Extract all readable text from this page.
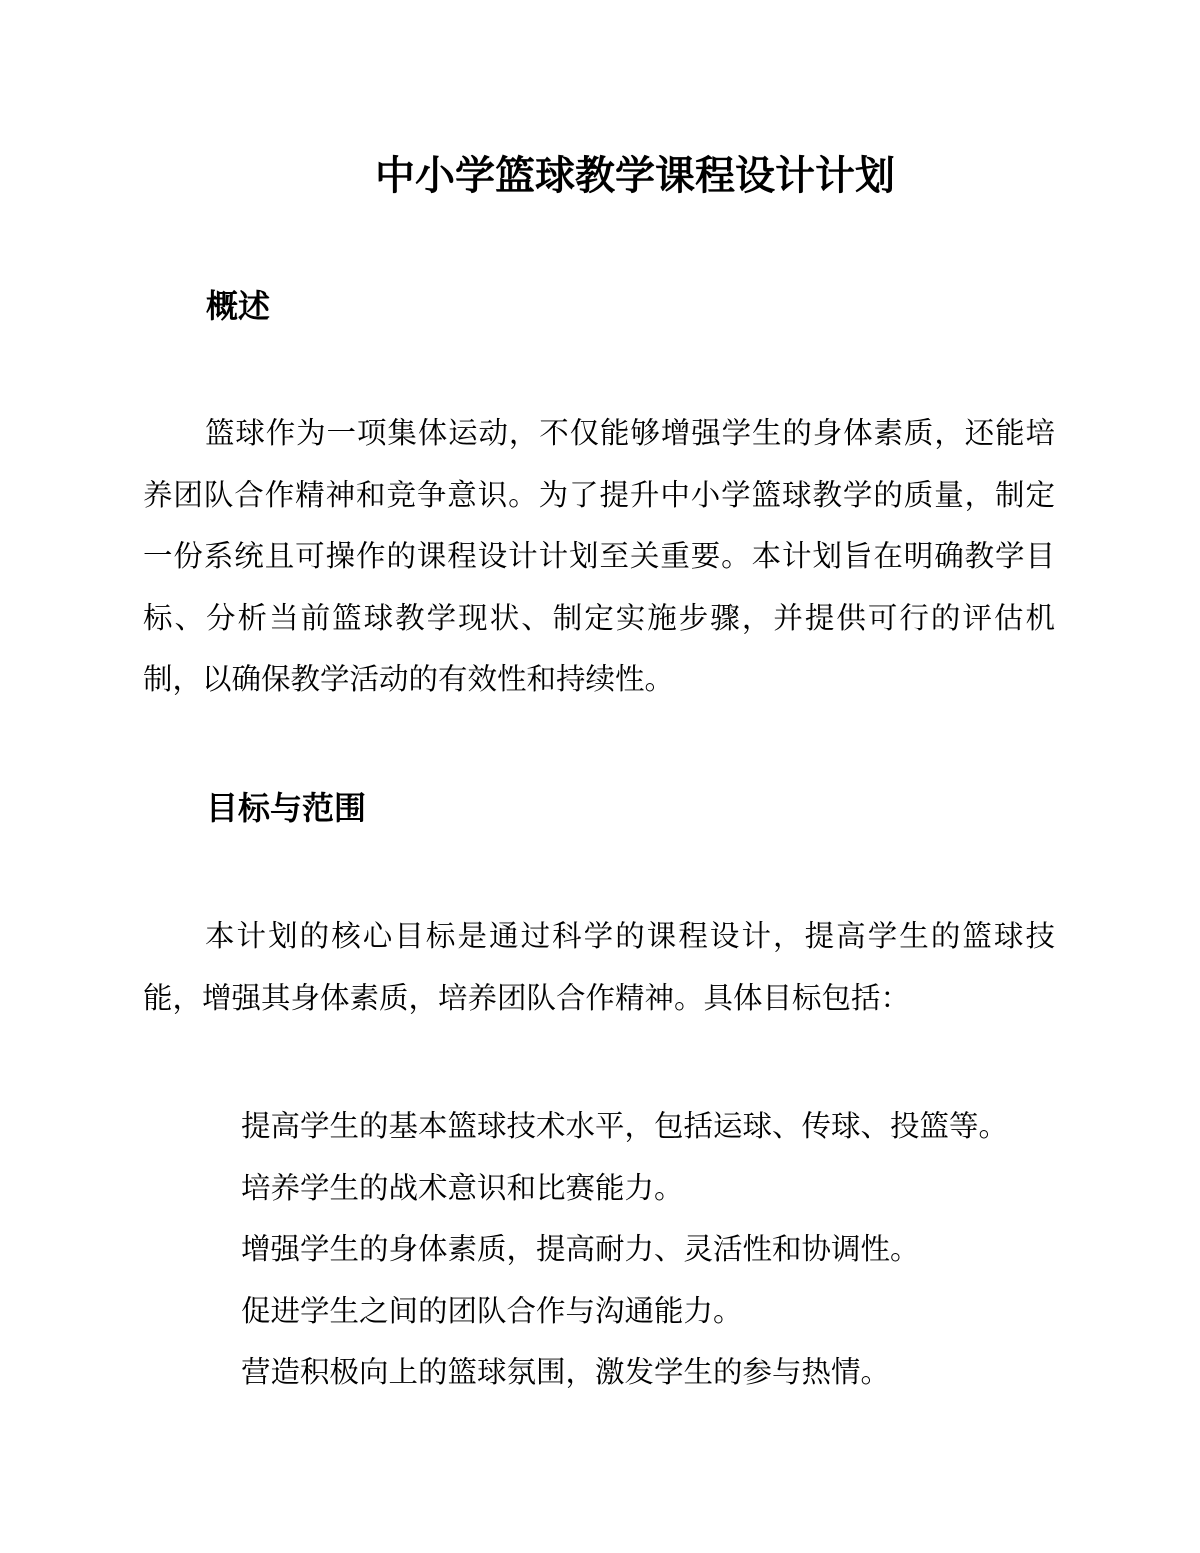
中小学篮球教学课程设计计划
概述

篮球作为一项集体运动，不仅能够增强学生的身体素质，还能培养团队合作精神和竞争意识。为了提升中小学篮球教学的质量，制定一份系统且可操作的课程设计计划至关重要。本计划旨在明确教学目标、分析当前篮球教学现状、制定实施步骤，并提供可行的评估机制，以确保教学活动的有效性和持续性。

目标与范围

本计划的核心目标是通过科学的课程设计，提高学生的篮球技能，增强其身体素质，培养团队合作精神。具体目标包括：

提高学生的基本篮球技术水平，包括运球、传球、投篮等。
培养学生的战术意识和比赛能力。
增强学生的身体素质，提高耐力、灵活性和协调性。
促进学生之间的团队合作与沟通能力。
营造积极向上的篮球氛围，激发学生的参与热情。
